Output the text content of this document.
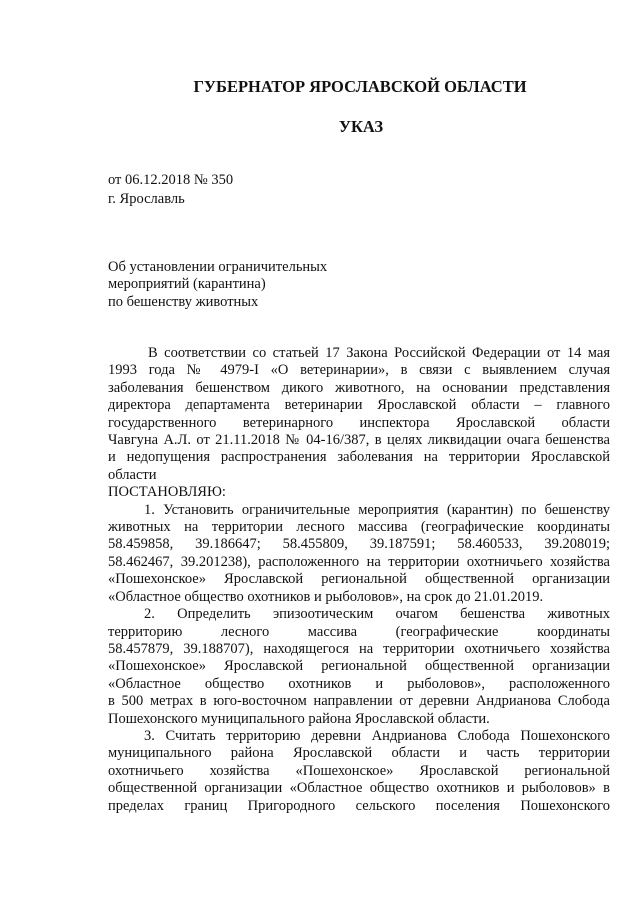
ГУБЕРНАТОР ЯРОСЛАВСКОЙ ОБЛАСТИ
УКАЗ
от 06.12.2018 № 350
г. Ярославль
Об установлении ограничительных
мероприятий (карантина)
по бешенству животных

В соответствии со статьей 17 Закона Российской Федерации от 14 мая

1993 года № 4979-I «О ветеринарии», в связи с выявлением случая

заболевания бешенством дикого животного, на основании представления

директора департамента ветеринарии Ярославской области – главного

государственного ветеринарного инспектора Ярославской области

Чавгуна А.Л. от 21.11.2018 № 04-16/387, в целях ликвидации очага бешенства

и недопущения распространения заболевания на территории Ярославской

области

ПОСТАНОВЛЯЮ:

1. Установить ограничительные мероприятия (карантин) по бешенству

животных на территории лесного массива (географические координаты

58.459858, 39.186647; 58.455809, 39.187591; 58.460533, 39.208019;

58.462467, 39.201238), расположенного на территории охотничьего хозяйства

«Пошехонское» Ярославской региональной общественной организации

«Областное общество охотников и рыболовов», на срок до 21.01.2019.

2. Определить эпизоотическим очагом бешенства животных

территорию лесного массива (географические координаты

58.457879, 39.188707), находящегося на территории охотничьего хозяйства

«Пошехонское» Ярославской региональной общественной организации

«Областное общество охотников и рыболовов», расположенного

в 500 метрах в юго-восточном направлении от деревни Андрианова Слобода

Пошехонского муниципального района Ярославской области.

3. Считать территорию деревни Андрианова Слобода Пошехонского

муниципального района Ярославской области и часть территории

охотничьего хозяйства «Пошехонское» Ярославской региональной

общественной организации «Областное общество охотников и рыболовов» в

пределах границ Пригородного сельского поселения Пошехонского
